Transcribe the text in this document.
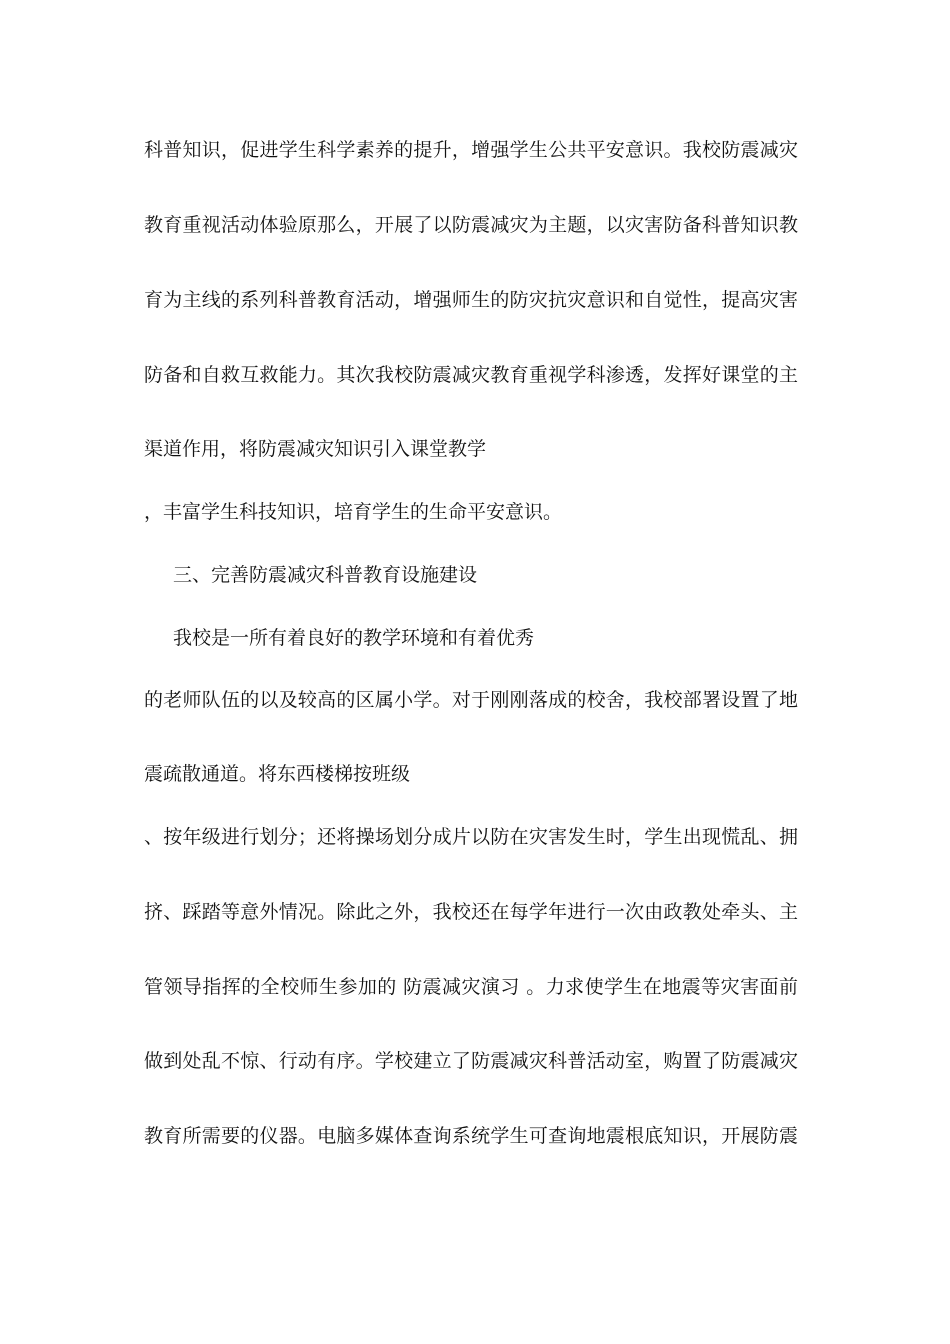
科普知识，促进学生科学素养的提升，增强学生公共平安意识。我校防震减灾
教育重视活动体验原那么，开展了以防震减灾为主题，以灾害防备科普知识教
育为主线的系列科普教育活动，增强师生的防灾抗灾意识和自觉性，提高灾害
防备和自救互救能力。其次我校防震减灾教育重视学科渗透，发挥好课堂的主
渠道作用，将防震减灾知识引入课堂教学
，丰富学生科技知识，培育学生的生命平安意识。
三、完善防震减灾科普教育设施建设
我校是一所有着良好的教学环境和有着优秀
的老师队伍的以及较高的区属小学。对于刚刚落成的校舍，我校部署设置了地
震疏散通道。将东西楼梯按班级
、按年级进行划分；还将操场划分成片以防在灾害发生时，学生出现慌乱、拥
挤、踩踏等意外情况。除此之外，我校还在每学年进行一次由政教处牵头、主
管领导指挥的全校师生参加的 防震减灾演习 。力求使学生在地震等灾害面前
做到处乱不惊、行动有序。学校建立了防震减灾科普活动室，购置了防震减灾
教育所需要的仪器。电脑多媒体查询系统学生可查询地震根底知识，开展防震
